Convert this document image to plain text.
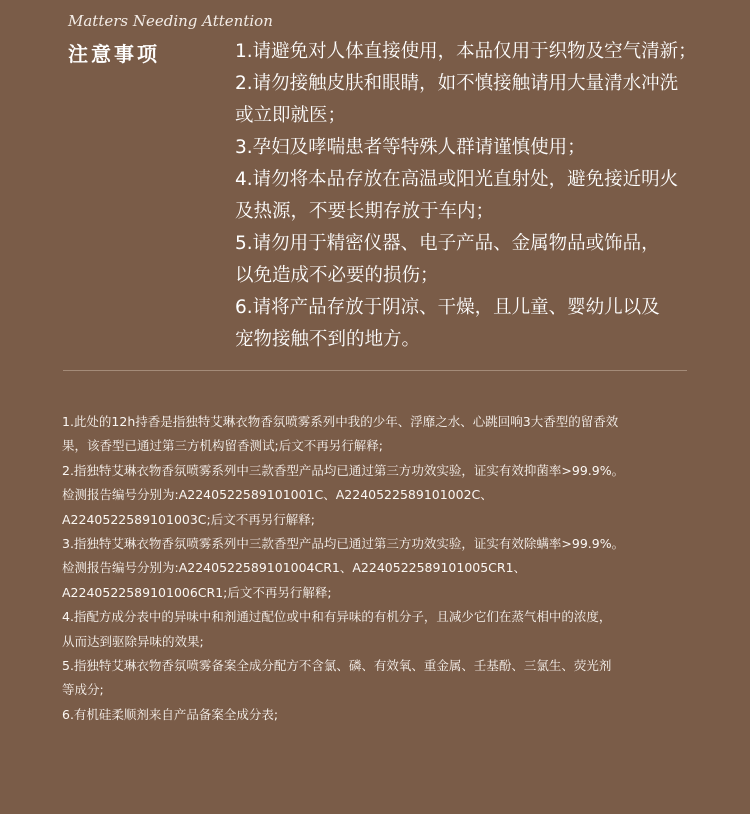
Matters Needing Attention
注意事项	1.请避免对人体直接使用，本品仅用于织物及空气清新；
2.请勿接触皮肤和眼睛，如不慎接触请用大量清水冲洗
或立即就医；
3.孕妇及哮喘患者等特殊人群请谨慎使用；
4.请勿将本品存放在高温或阳光直射处，避免接近明火
及热源，不要长期存放于车内；
5.请勿用于精密仪器、电子产品、金属物品或饰品，
以免造成不必要的损伤；
6.请将产品存放于阴凉、干燥，且儿童、婴幼儿以及
宠物接触不到的地方。
1.此处的12h持香是指独特艾琳衣物香氛喷雾系列中我的少年、浮靡之水、心跳回响3大香型的留香效
果，该香型已通过第三方机构留香测试;后文不再另行解释;
2.指独特艾琳衣物香氛喷雾系列中三款香型产品均已通过第三方功效实验，证实有效抑菌率>99.9%。
检测报告编号分别为:A2240522589101001C、A2240522589101002C、
A2240522589101003C;后文不再另行解释;
3.指独特艾琳衣物香氛喷雾系列中三款香型产品均已通过第三方功效实验，证实有效除螨率>99.9%。
检测报告编号分别为:A2240522589101004CR1、A2240522589101005CR1、
A2240522589101006CR1;后文不再另行解释;
4.指配方成分表中的异味中和剂通过配位或中和有异味的有机分子，且减少它们在蒸气相中的浓度，
从而达到驱除异味的效果;
5.指独特艾琳衣物香氛喷雾备案全成分配方不含氯、磷、有效氧、重金属、壬基酚、三氯生、荧光剂
等成分;
6.有机硅柔顺剂来自产品备案全成分表;
